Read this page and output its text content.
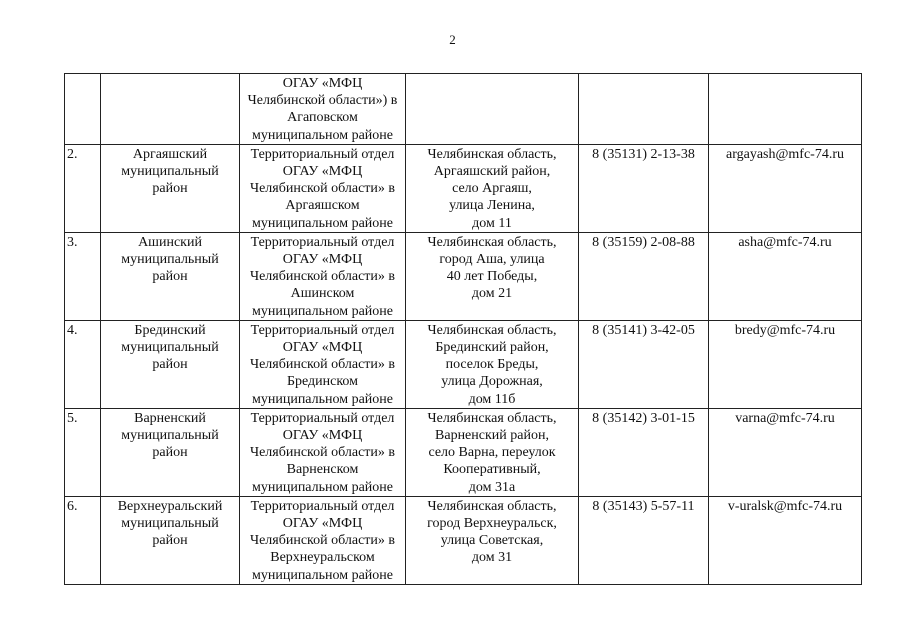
2

		ОГАУ «МФЦ
Челябинской области») в
Агаповском
муниципальном районе			

2.	Аргаяшский
муниципальный
район	Территориальный отдел
ОГАУ «МФЦ
Челябинской области» в
Аргаяшском
муниципальном районе	Челябинская область,
Аргаяшский район,
село Аргаяш,
улица Ленина,
дом 11	8 (35131) 2-13-38	argayash@mfc-74.ru
3.	Ашинский
муниципальный
район	Территориальный отдел
ОГАУ «МФЦ
Челябинской области» в
Ашинском
муниципальном районе	Челябинская область,
город Аша, улица
40 лет Победы,
дом 21	8 (35159) 2-08-88	asha@mfc-74.ru
4.	Брединский
муниципальный
район	Территориальный отдел
ОГАУ «МФЦ
Челябинской области» в
Брединском
муниципальном районе	Челябинская область,
Брединский район,
поселок Бреды,
улица Дорожная,
дом 11б	8 (35141) 3-42-05	bredy@mfc-74.ru
5.	Варненский
муниципальный
район	Территориальный отдел
ОГАУ «МФЦ
Челябинской области» в
Варненском
муниципальном районе	Челябинская область,
Варненский район,
село Варна, переулок
Кооперативный,
дом 31а	8 (35142) 3-01-15	varna@mfc-74.ru
6.	Верхнеуральский
муниципальный
район	Территориальный отдел
ОГАУ «МФЦ
Челябинской области» в
Верхнеуральском
муниципальном районе	Челябинская область,
город Верхнеуральск,
улица Советская,
дом 31	8 (35143) 5-57-11	v-uralsk@mfc-74.ru
